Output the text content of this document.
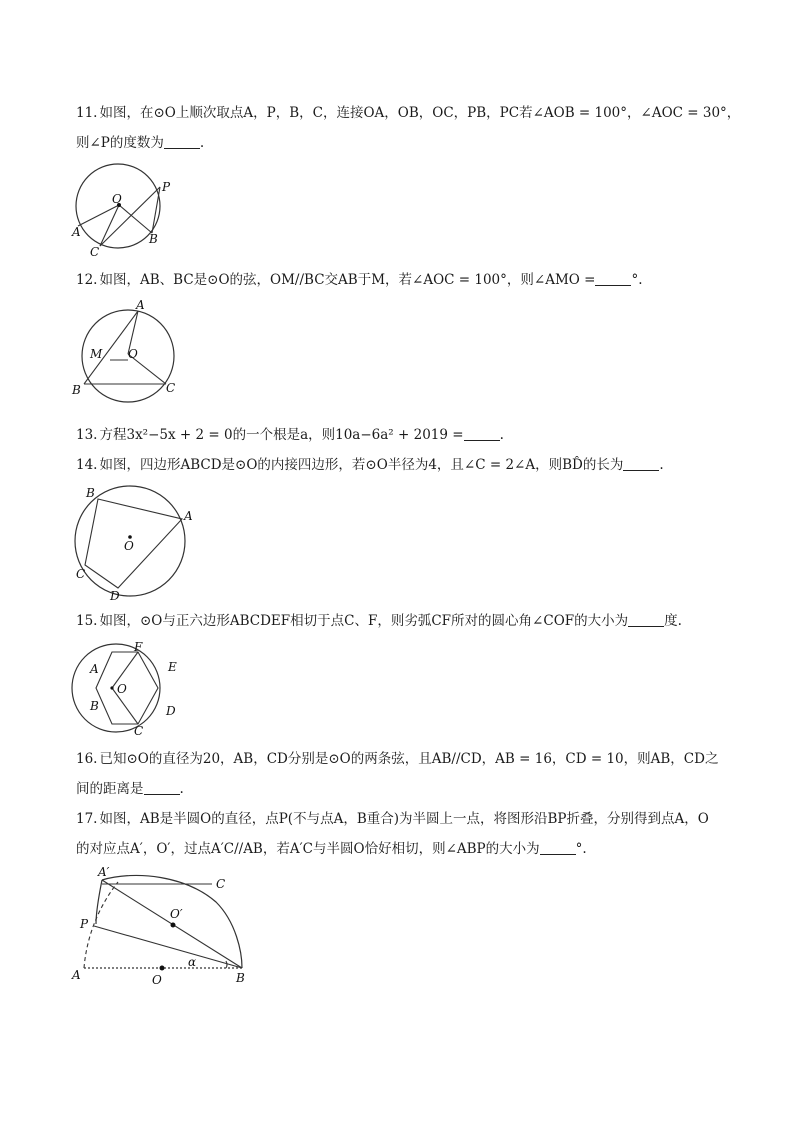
11. 如图，在⊙O上顺次取点A，P，B，C，连接OA，OB，OC，PB，PC若∠AOB = 100°，∠AOC = 30°，
则∠P的度数为	.
O
P
A
C
B
12. 如图，AB、BC是⊙O的弦，OM//BC交AB于M，若∠AOC = 100°，则∠AMO =	°.
A
M O
B	C
13. 方程3x²−5x + 2 = 0的一个根是a，则10a−6a² + 2019 =	.
14. 如图，四边形ABCD是⊙O的内接四边形，若⊙O半径为4，且∠C = 2∠A，则BD̂的长为	.
B
A
O
C
D
15. 如图，⊙O与正六边形ABCDEF相切于点C、F，则劣弧CF所对的圆心角∠COF的大小为	度.
F
A	E
O
B	D
C
16. 已知⊙O的直径为20，AB，CD分别是⊙O的两条弦，且AB//CD，AB = 16，CD = 10，则AB，CD之
间的距离是	.
17. 如图，AB是半圆O的直径，点P(不与点A，B重合)为半圆上一点，将图形沿BP折叠，分别得到点A，O
的对应点A′，O′，过点A′C//AB，若A′C与半圆O恰好相切，则∠ABP的大小为	°.
A′
C
O′
P
α
A	O	B
